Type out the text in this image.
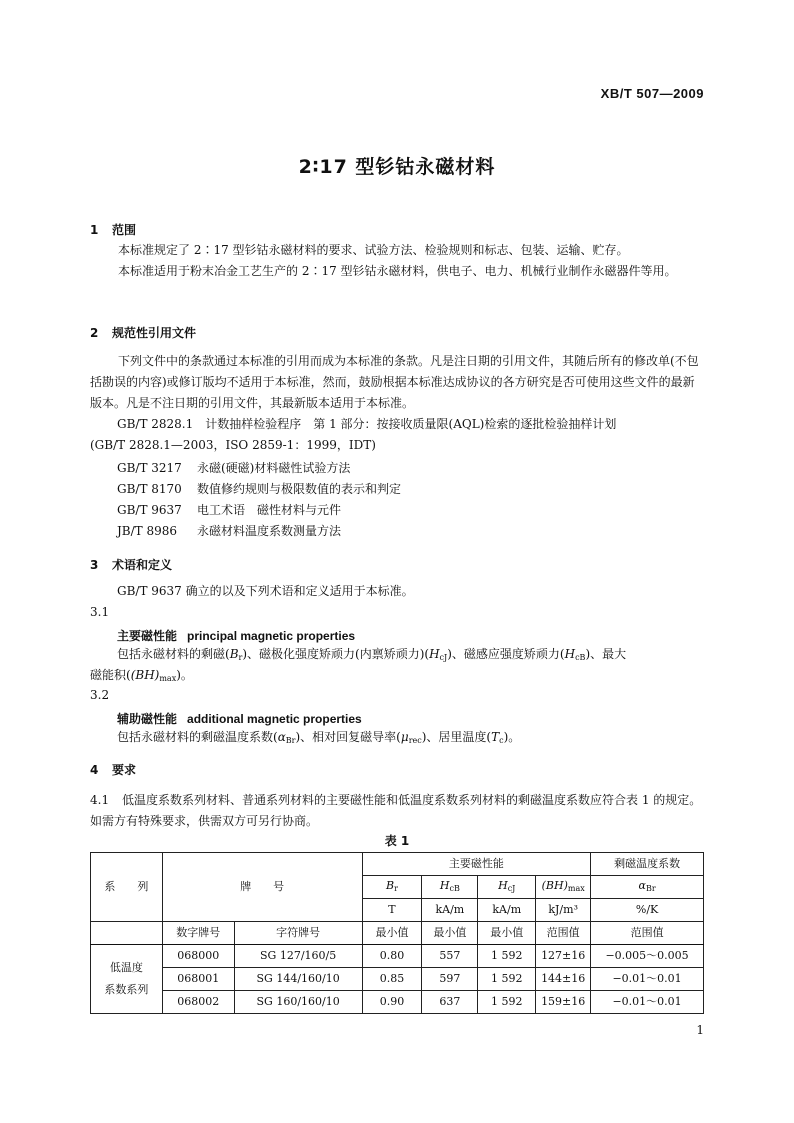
XB/T 507—2009
2∶17 型钐钴永磁材料
1 范围
本标准规定了 2∶17 型钐钴永磁材料的要求、试验方法、检验规则和标志、包装、运输、贮存。
本标准适用于粉末冶金工艺生产的 2∶17 型钐钴永磁材料，供电子、电力、机械行业制作永磁器件等用。
2 规范性引用文件
下列文件中的条款通过本标准的引用而成为本标准的条款。凡是注日期的引用文件，其随后所有的修改单(不包括勘误的内容)或修订版均不适用于本标准，然而，鼓励根据本标准达成协议的各方研究是否可使用这些文件的最新版本。凡是不注日期的引用文件，其最新版本适用于本标准。
GB/T 2828.1　计数抽样检验程序　第 1 部分：按接收质量限(AQL)检索的逐批检验抽样计划
(GB/T 2828.1—2003，ISO 2859-1：1999，IDT)
GB/T 3217 永磁(硬磁)材料磁性试验方法
GB/T 8170 数值修约规则与极限数值的表示和判定
GB/T 9637 电工术语　磁性材料与元件
JB/T 8986 永磁材料温度系数测量方法
3 术语和定义
GB/T 9637 确立的以及下列术语和定义适用于本标准。
3.1
主要磁性能 principal magnetic properties
包括永磁材料的剩磁$(B_r)$、磁极化强度矫顽力(内禀矫顽力)$(H_{cJ})$、磁感应强度矫顽力$(H_{cB})$、最大
磁能积$((BH)_{max})$。
3.2
辅助磁性能 additional magnetic properties
包括永磁材料的剩磁温度系数$(\alpha_{Br})$、相对回复磁导率$(\mu_{rec})$、居里温度$(T_c)$。
4 要求
4.1 低温度系数系列材料、普通系列材料的主要磁性能和低温度系数系列材料的剩磁温度系数应符合表 1 的规定。如需方有特殊要求，供需双方可另行协商。
表 1
系　　列	牌　　号		主要磁性能				剩磁温度系数
			$B_r$	$H_{cB}$	$H_{cJ}$	$(BH)_{max}$	$\alpha_{Br}$
			T	kA/m	kA/m	kJ/m³	%/K
	数字牌号	字符牌号	最小值	最小值	最小值	范围值	范围值

低温度
系数系列	068000	SG 127/160/5	0.80	557	1 592	127±16	−0.005～0.005
	068001	SG 144/160/10	0.85	597	1 592	144±16	−0.01～0.01
	068002	SG 160/160/10	0.90	637	1 592	159±16	−0.01～0.01
1
